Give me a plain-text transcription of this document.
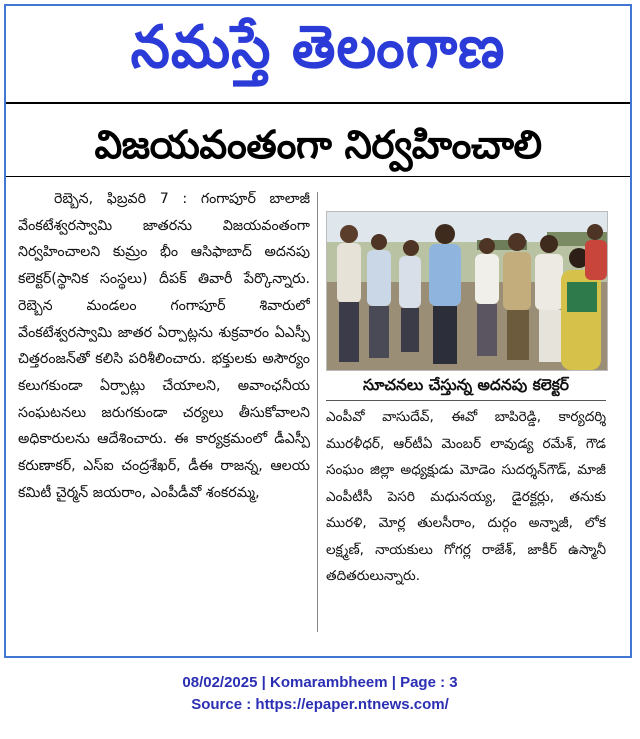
నమస్తే తెలంగాణ
విజయవంతంగా నిర్వహించాలి

రెబ్బెన, ఫిబ్రవరి 7 : గంగాపూర్ బాలాజీ వేంకటేశ్వరస్వామి జాతరను విజయవంతంగా నిర్వహించాలని కుమ్రం భీం ఆసిఫాబాద్ అదనపు కలెక్టర్(స్థానిక సంస్థలు) దీపక్ తివారీ పేర్కొన్నారు. రెబ్బెన మండలం గంగాపూర్ శివారులో వేంకటేశ్వరస్వామి జాతర ఏర్పాట్లను శుక్రవారం ఏఎస్పీ చిత్తరంజన్‌తో కలిసి పరిశీలించారు. భక్తులకు అసౌర్యం కలుగకుండా ఏర్పాట్లు చేయాలని, అవాంఛనీయ సంఘటనలు జరుగకుండా చర్యలు తీసుకోవాలని అధికారులను ఆదేశించారు. ఈ కార్యక్రమంలో డీఎస్పీ కరుణాకర్, ఎస్ఐ చంద్రశేఖర్, డీఈ రాజన్న, ఆలయ కమిటీ చైర్మన్ జయరాం, ఎంపీడీవో శంకరమ్మ,

సూచనలు చేస్తున్న అదనపు కలెక్టర్

ఎంపీవో వాసుదేవ్, ఈవో బాపిరెడ్డి, కార్యదర్శి మురళీధర్, ఆర్‌టీఏ మెంబర్ లావుడ్య రమేశ్, గౌడ సంఘం జిల్లా అధ్యక్షుడు మోడెం సుదర్శన్‌గౌడ్, మాజీ ఎంపీటీసీ పెసరి మధునయ్య, డైరక్టర్లు, తనుకు మురళి, మోర్ల తులసీరాం, దుర్గం అన్నాజీ, లోక లక్ష్మణ్, నాయకులు గోగర్ల రాజేశ్, జాకీర్ ఉస్మానీ తదితరులున్నారు.

08/02/2025 | Komarambheem | Page : 3
Source : https://epaper.ntnews.com/
